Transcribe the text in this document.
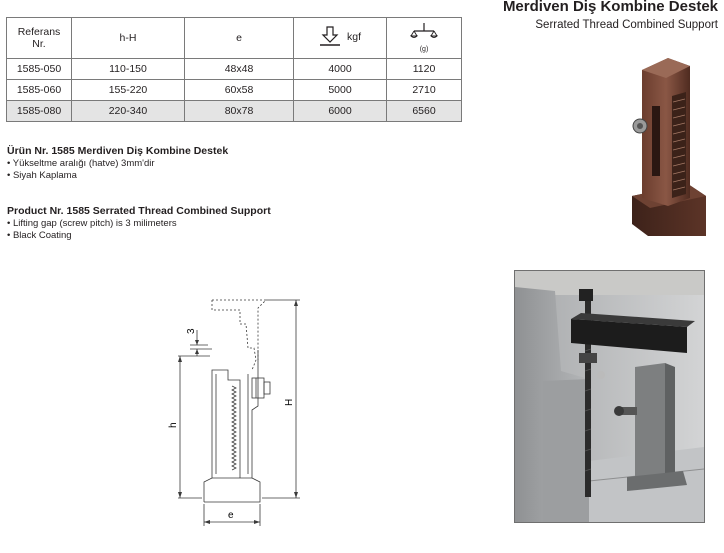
Merdiven Diş Kombine Destek
Serrated Thread Combined Support
Referans
Nr.	h-H	e	kgf	(g)

1585-050	110-150	48x48	4000	1120
1585-060	155-220	60x58	5000	2710
1585-080	220-340	80x78	6000	6560
Ürün Nr. 1585 Merdiven Diş Kombine Destek
• Yükseltme aralığı (hatve) 3mm'dir
• Siyah Kaplama
Product Nr. 1585 Serrated Thread Combined Support
• Lifting gap (screw pitch) is 3 milimeters
• Black Coating
3
h
H
e
